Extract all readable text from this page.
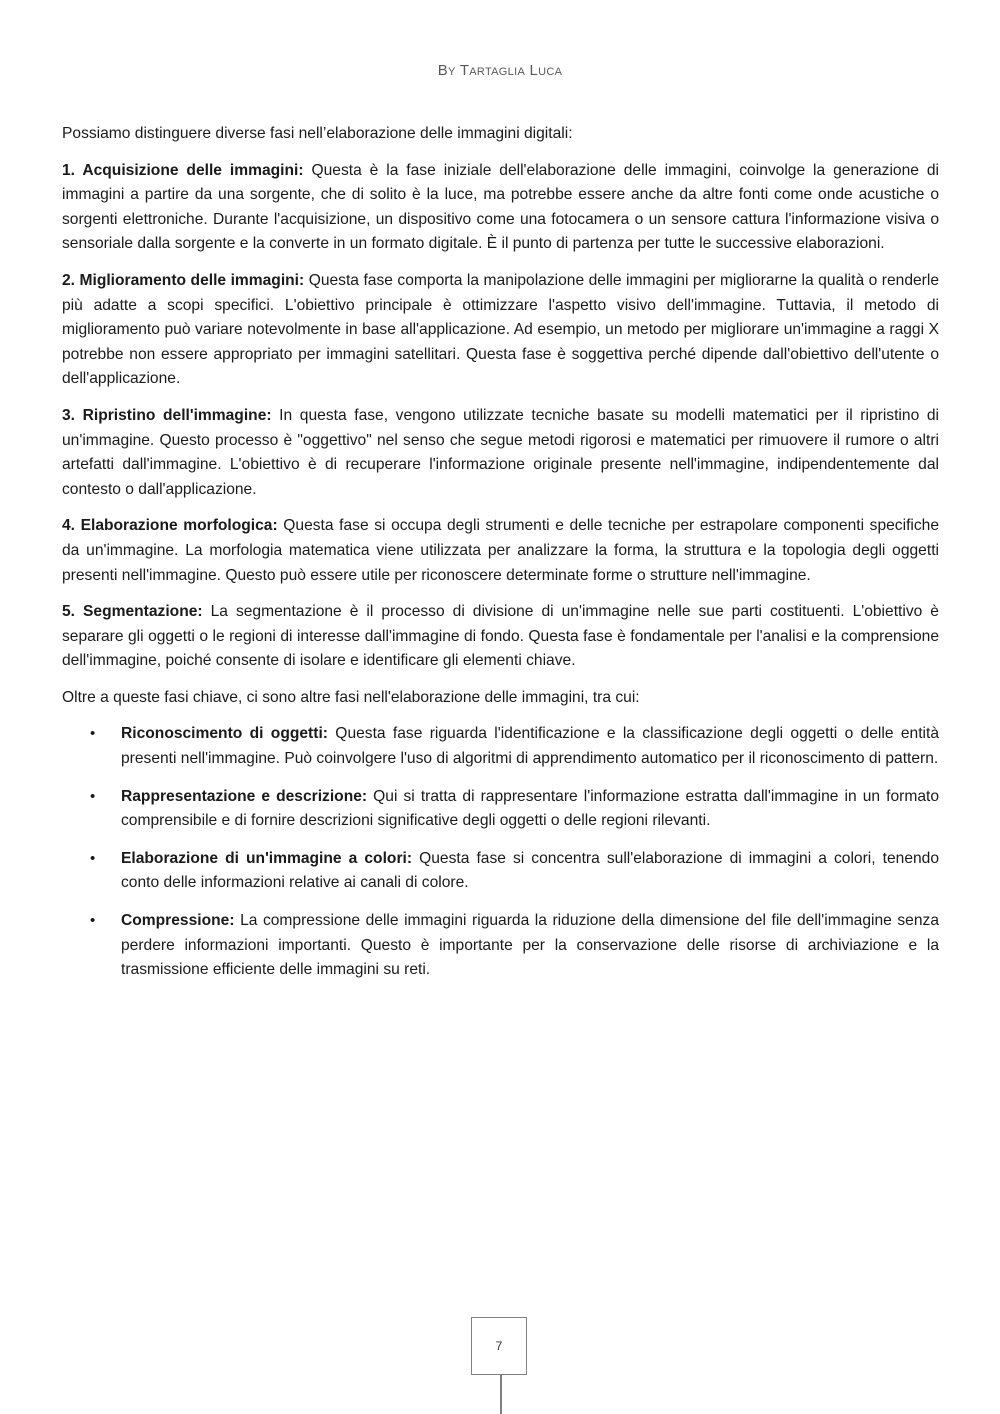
By Tartaglia Luca

Possiamo distinguere diverse fasi nell’elaborazione delle immagini digitali:

1. Acquisizione delle immagini: Questa è la fase iniziale dell'elaborazione delle immagini, coinvolge la generazione di immagini a partire da una sorgente, che di solito è la luce, ma potrebbe essere anche da altre fonti come onde acustiche o sorgenti elettroniche. Durante l'acquisizione, un dispositivo come una fotocamera o un sensore cattura l'informazione visiva o sensoriale dalla sorgente e la converte in un formato digitale. È il punto di partenza per tutte le successive elaborazioni.

2. Miglioramento delle immagini: Questa fase comporta la manipolazione delle immagini per migliorarne la qualità o renderle più adatte a scopi specifici. L'obiettivo principale è ottimizzare l'aspetto visivo dell'immagine. Tuttavia, il metodo di miglioramento può variare notevolmente in base all'applicazione. Ad esempio, un metodo per migliorare un'immagine a raggi X potrebbe non essere appropriato per immagini satellitari. Questa fase è soggettiva perché dipende dall'obiettivo dell'utente o dell'applicazione.

3. Ripristino dell'immagine: In questa fase, vengono utilizzate tecniche basate su modelli matematici per il ripristino di un'immagine. Questo processo è "oggettivo" nel senso che segue metodi rigorosi e matematici per rimuovere il rumore o altri artefatti dall'immagine. L'obiettivo è di recuperare l'informazione originale presente nell'immagine, indipendentemente dal contesto o dall'applicazione.

4. Elaborazione morfologica: Questa fase si occupa degli strumenti e delle tecniche per estrapolare componenti specifiche da un'immagine. La morfologia matematica viene utilizzata per analizzare la forma, la struttura e la topologia degli oggetti presenti nell'immagine. Questo può essere utile per riconoscere determinate forme o strutture nell'immagine.

5. Segmentazione: La segmentazione è il processo di divisione di un'immagine nelle sue parti costituenti. L'obiettivo è separare gli oggetti o le regioni di interesse dall'immagine di fondo. Questa fase è fondamentale per l'analisi e la comprensione dell'immagine, poiché consente di isolare e identificare gli elementi chiave.

Oltre a queste fasi chiave, ci sono altre fasi nell'elaborazione delle immagini, tra cui:

• Riconoscimento di oggetti: Questa fase riguarda l'identificazione e la classificazione degli oggetti o delle entità presenti nell'immagine. Può coinvolgere l'uso di algoritmi di apprendimento automatico per il riconoscimento di pattern.
• Rappresentazione e descrizione: Qui si tratta di rappresentare l'informazione estratta dall'immagine in un formato comprensibile e di fornire descrizioni significative degli oggetti o delle regioni rilevanti.
• Elaborazione di un'immagine a colori: Questa fase si concentra sull'elaborazione di immagini a colori, tenendo conto delle informazioni relative ai canali di colore.
• Compressione: La compressione delle immagini riguarda la riduzione della dimensione del file dell'immagine senza perdere informazioni importanti. Questo è importante per la conservazione delle risorse di archiviazione e la trasmissione efficiente delle immagini su reti.
7
